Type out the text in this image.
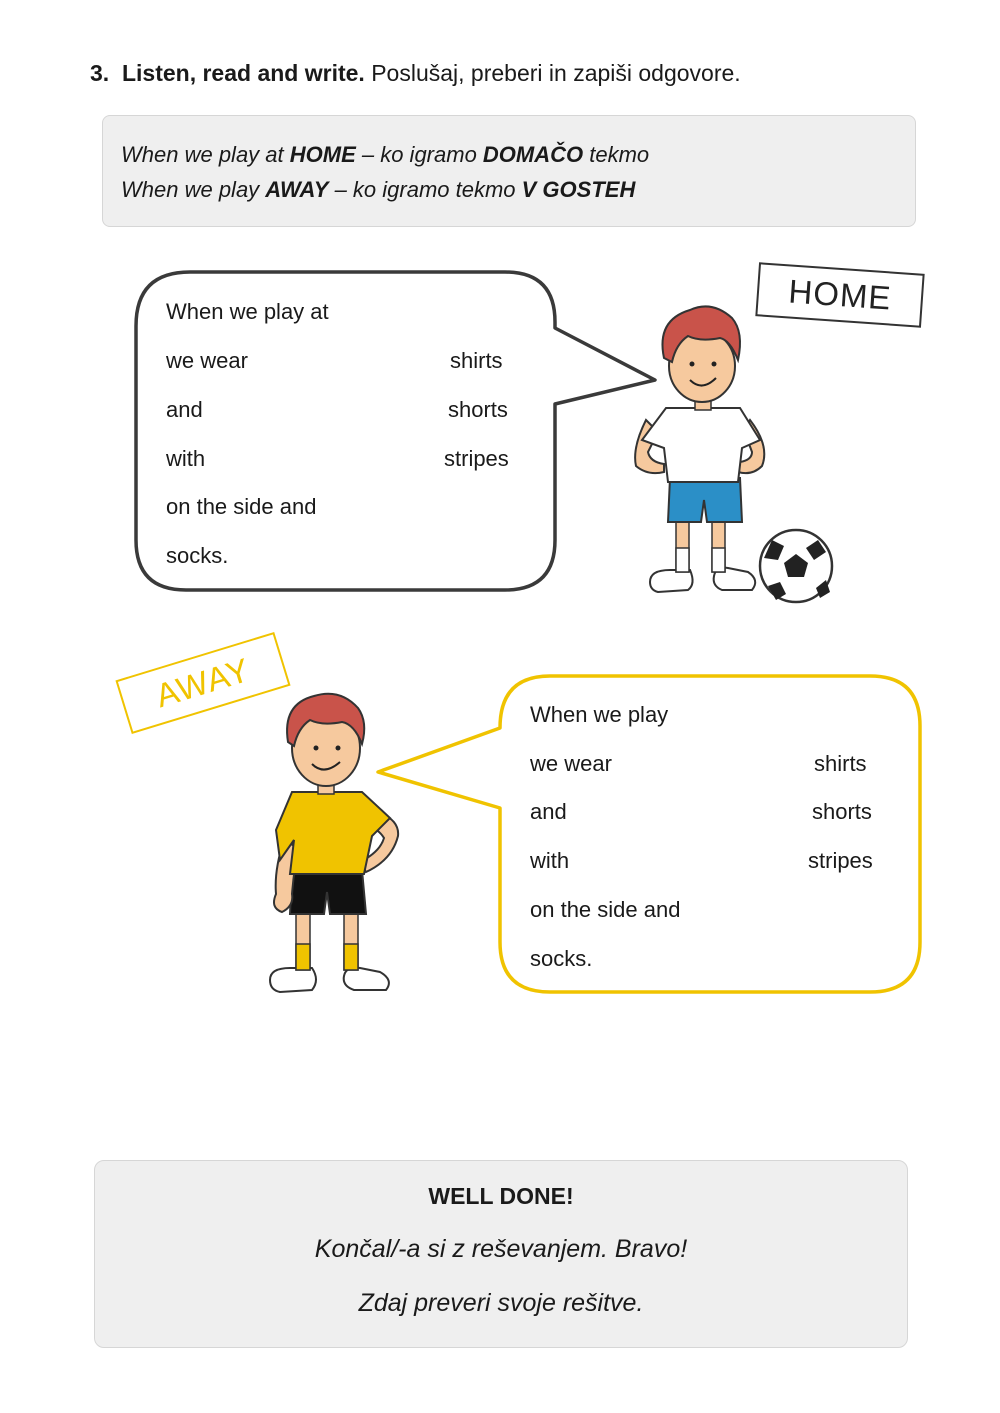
3. Listen, read and write. Poslušaj, preberi in zapiši odgovore.
When we play at HOME – ko igramo DOMAČO tekmo
When we play AWAY – ko igramo tekmo V GOSTEH
HOME
When we play at
we wear
and
with
on the side and
socks.
shirts
shorts
stripes
AWAY
When we play
we wear
and
with
on the side and
socks.
shirts
shorts
stripes
WELL DONE!
Končal/-a si z reševanjem. Bravo!
Zdaj preveri svoje rešitve.
